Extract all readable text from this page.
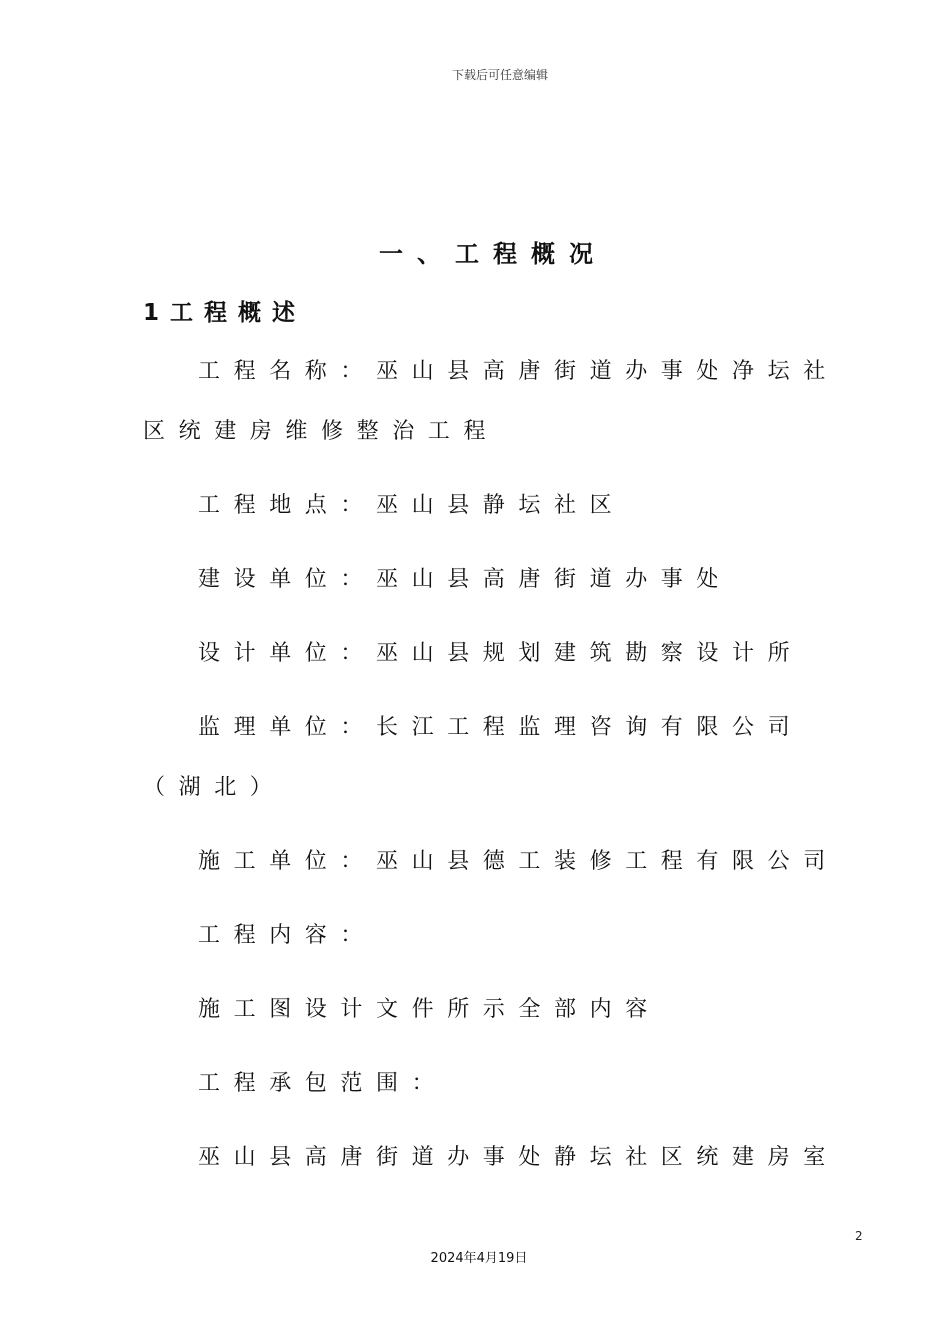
下载后可任意编辑
一、工程概况
1工程概述
工程名称：巫山县高唐街道办事处净坛社
区统建房维修整治工程
工程地点：巫山县静坛社区
建设单位：巫山县高唐街道办事处
设计单位：巫山县规划建筑勘察设计所
监理单位：长江工程监理咨询有限公司
（湖北）
施工单位：巫山县德工装修工程有限公司
工程内容：
施工图设计文件所示全部内容
工程承包范围：
巫山县高唐街道办事处静坛社区统建房室
2
2024年4月19日
